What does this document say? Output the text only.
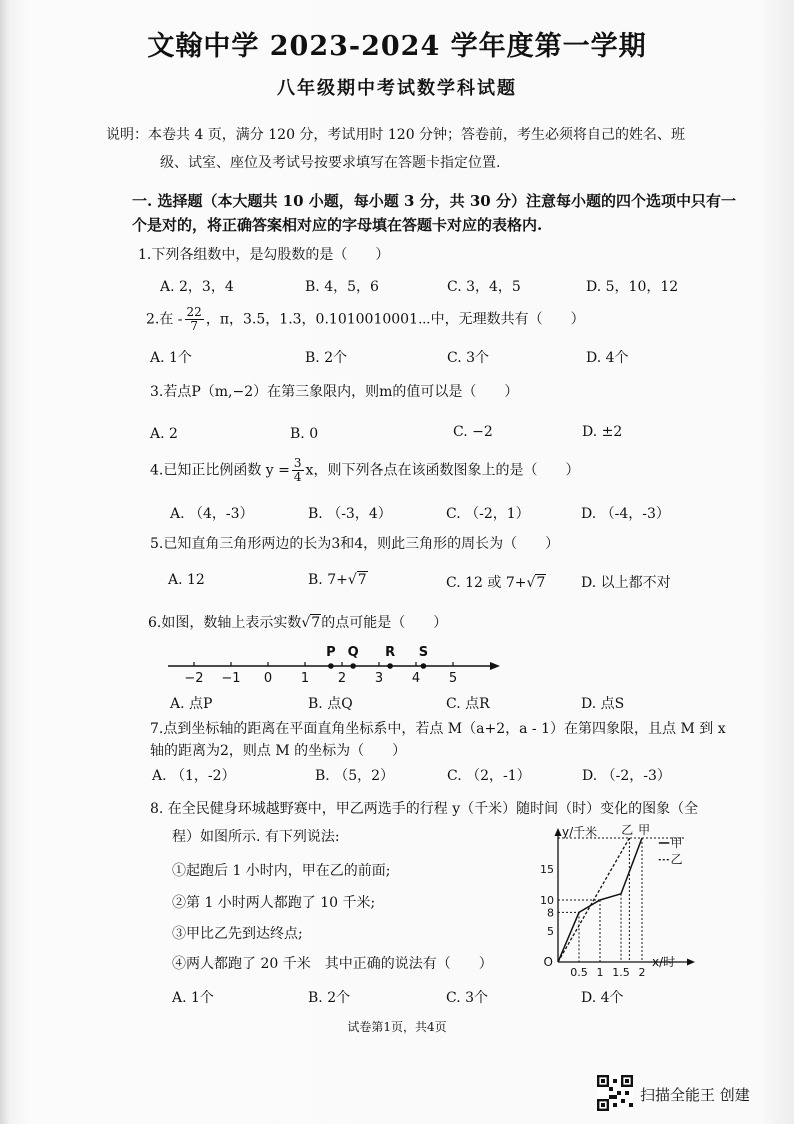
文翰中学 2023-2024 学年度第一学期
八年级期中考试数学科试题
说明：本卷共 4 页，满分 120 分，考试用时 120 分钟；答卷前，考生必须将自己的姓名、班
级、试室、座位及考试号按要求填写在答题卡指定位置.
一. 选择题（本大题共 10 小题，每小题 3 分，共 30 分）注意每小题的四个选项中只有一
个是对的，将正确答案相对应的字母填在答题卡对应的表格内.
1.下列各组数中，是勾股数的是（　　）
A. 2，3，4	B. 4，5，6	C. 3，4，5	D. 5，10，12
2.在 - $\frac{22}{7}$ ，π，3.5，1.3，0.1010010001⋯中，无理数共有（　　）
A. 1个	B. 2个	C. 3个	D. 4个
3.若点P（m,−2）在第三象限内，则m的值可以是（　　）
A. 2	B. 0	C. −2	D. ±2
4.已知正比例函数 $y = \frac{3}{4}$ x，则下列各点在该函数图象上的是（　　）
A. （4，-3）	B. （-3，4）	C. （-2，1）	D. （-4，-3）
5.已知直角三角形两边的长为3和4，则此三角形的周长为（　　）
A. 12	B. 7+√7	C. 12 或 7+√7	D. 以上都不对
6.如图，数轴上表示实数√7的点可能是（　　）
−2 −1 0 1 2 3 4 5
P Q R S
A. 点P	B. 点Q	C. 点R	D. 点S
7.点到坐标轴的距离在平面直角坐标系中，若点 M（a+2，a - 1）在第四象限，且点 M 到 x
轴的距离为2，则点 M 的坐标为（　　）
A. （1，-2）	B. （5，2）	C. （2，-1）	D. （-2，-3）
8. 在全民健身环城越野赛中，甲乙两选手的行程 y（千米）随时间（时）变化的图象（全
程）如图所示. 有下列说法:
①起跑后 1 小时内，甲在乙的前面;
②第 1 小时两人都跑了 10 千米;
③甲比乙先到达终点;
④两人都跑了 20 千米　其中正确的说法有（　　）
A. 1个	B. 2个	C. 3个	D. 4个
y/千米
x/时
O
5
8
10
15
0.5 1 1.5 2
乙 甲
甲
乙
试卷第1页，共4页
扫描全能王 创建
